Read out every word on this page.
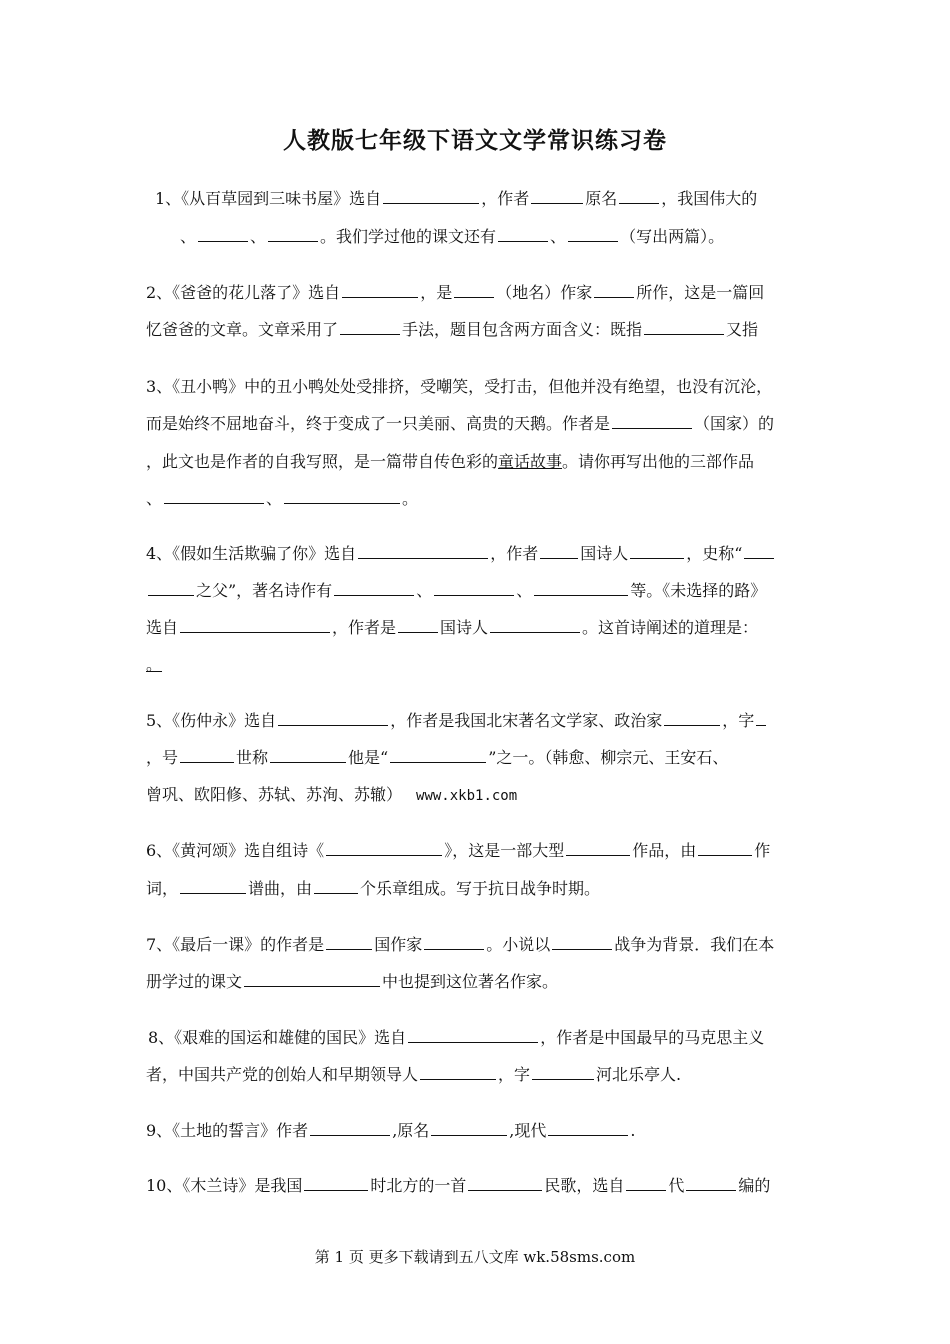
人教版七年级下语文文学常识练习卷
1、《从百草园到三味书屋》选自	，作者	原名	，我国伟大的
、	、	。我们学过他的课文还有	、	（写出两篇）。
2、《爸爸的花儿落了》选自	，是	（地名）作家	所作，这是一篇回
忆爸爸的文章。文章采用了	手法，题目包含两方面含义：既指	又指
3、《丑小鸭》中的丑小鸭处处受排挤，受嘲笑，受打击，但他并没有绝望，也没有沉沦，
而是始终不屈地奋斗，终于变成了一只美丽、高贵的天鹅。作者是	（国家）的
，此文也是作者的自我写照，是一篇带自传色彩的童话故事。请你再写出他的三部作品
、	、	。
4、《假如生活欺骗了你》选自	，作者	国诗人	，史称“
之父”，著名诗作有	、	、	等。《未选择的路》
选自	，作者是	国诗人	。这首诗阐述的道理是：
。
5、《伤仲永》选自	，作者是我国北宋著名文学家、政治家	，字
，号	世称	他是“	”之一。（韩愈、柳宗元、王安石、
曾巩、欧阳修、苏轼、苏洵、苏辙） www.xkb1.com
6、《黄河颂》选自组诗《	》，这是一部大型	作品，由	作
词，	谱曲，由	个乐章组成。写于抗日战争时期。
7、《最后一课》的作者是	国作家	。小说以	战争为背景．我们在本
册学过的课文	中也提到这位著名作家。
8、《艰难的国运和雄健的国民》选自	，作者是中国最早的马克思主义
者，中国共产党的创始人和早期领导人	，字	河北乐亭人.
9、《土地的誓言》作者	,原名	,现代	.
10、《木兰诗》是我国	时北方的一首	民歌，选自	代	编的
第 1 页 更多下载请到五八文库 wk.58sms.com
